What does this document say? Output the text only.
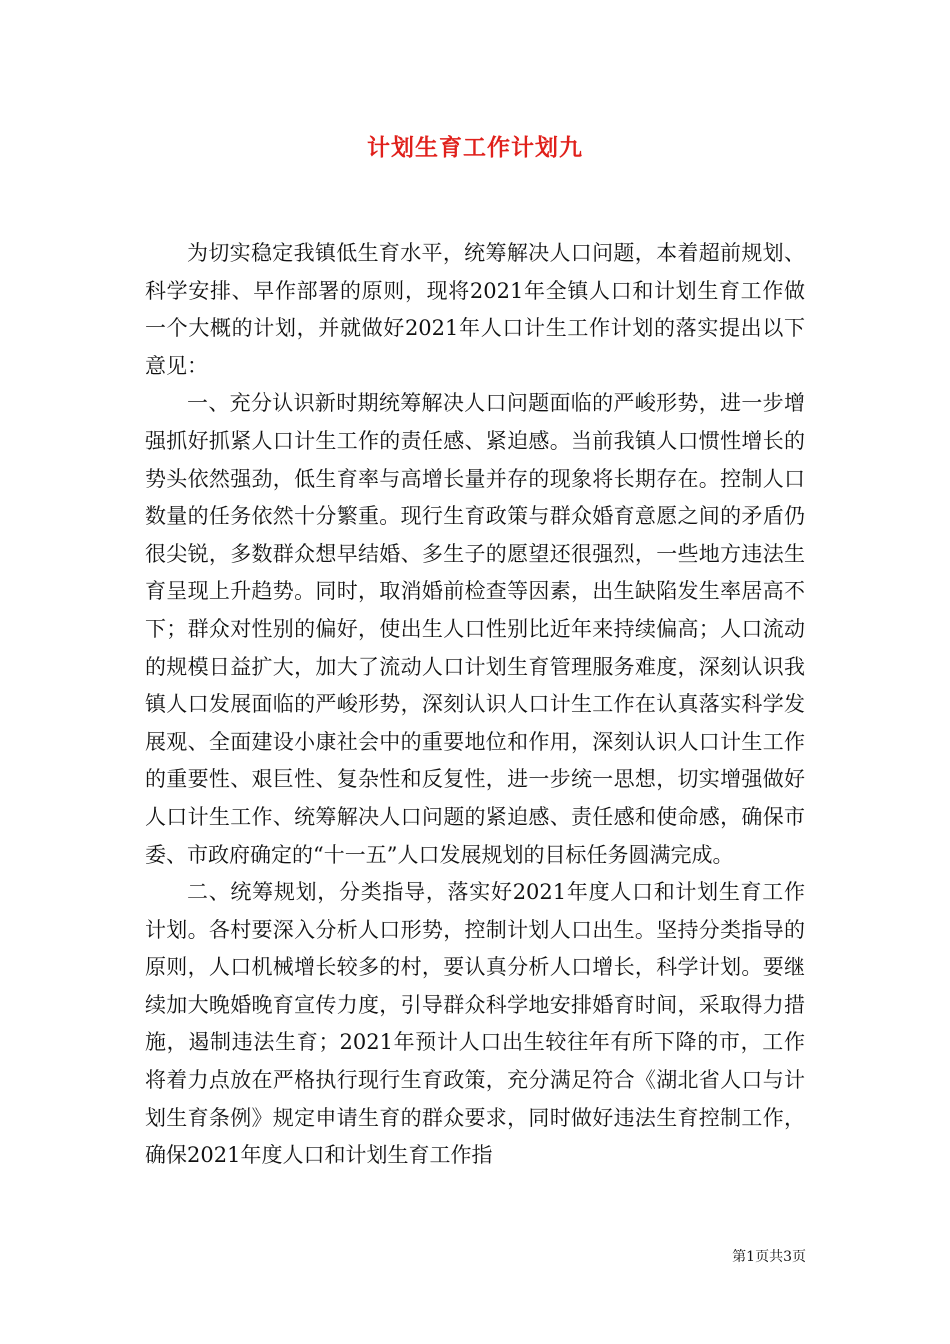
计划生育工作计划九

为切实稳定我镇低生育水平，统筹解决人口问题，本着超前规划、科学安排、早作部署的原则，现将2021年全镇人口和计划生育工作做一个大概的计划，并就做好2021年人口计生工作计划的落实提出以下意见：

一、充分认识新时期统筹解决人口问题面临的严峻形势，进一步增强抓好抓紧人口计生工作的责任感、紧迫感。当前我镇人口惯性增长的势头依然强劲，低生育率与高增长量并存的现象将长期存在。控制人口数量的任务依然十分繁重。现行生育政策与群众婚育意愿之间的矛盾仍很尖锐，多数群众想早结婚、多生子的愿望还很强烈，一些地方违法生育呈现上升趋势。同时，取消婚前检查等因素，出生缺陷发生率居高不下；群众对性别的偏好，使出生人口性别比近年来持续偏高；人口流动的规模日益扩大，加大了流动人口计划生育管理服务难度，深刻认识我镇人口发展面临的严峻形势，深刻认识人口计生工作在认真落实科学发展观、全面建设小康社会中的重要地位和作用，深刻认识人口计生工作的重要性、艰巨性、复杂性和反复性，进一步统一思想，切实增强做好人口计生工作、统筹解决人口问题的紧迫感、责任感和使命感，确保市委、市政府确定的“十一五”人口发展规划的目标任务圆满完成。

二、统筹规划，分类指导，落实好2021年度人口和计划生育工作计划。各村要深入分析人口形势，控制计划人口出生。坚持分类指导的原则，人口机械增长较多的村，要认真分析人口增长，科学计划。要继续加大晚婚晚育宣传力度，引导群众科学地安排婚育时间，采取得力措施，遏制违法生育；2021年预计人口出生较往年有所下降的市，工作将着力点放在严格执行现行生育政策，充分满足符合《湖北省人口与计划生育条例》规定申请生育的群众要求，同时做好违法生育控制工作，确保2021年度人口和计划生育工作指

第1页共3页
